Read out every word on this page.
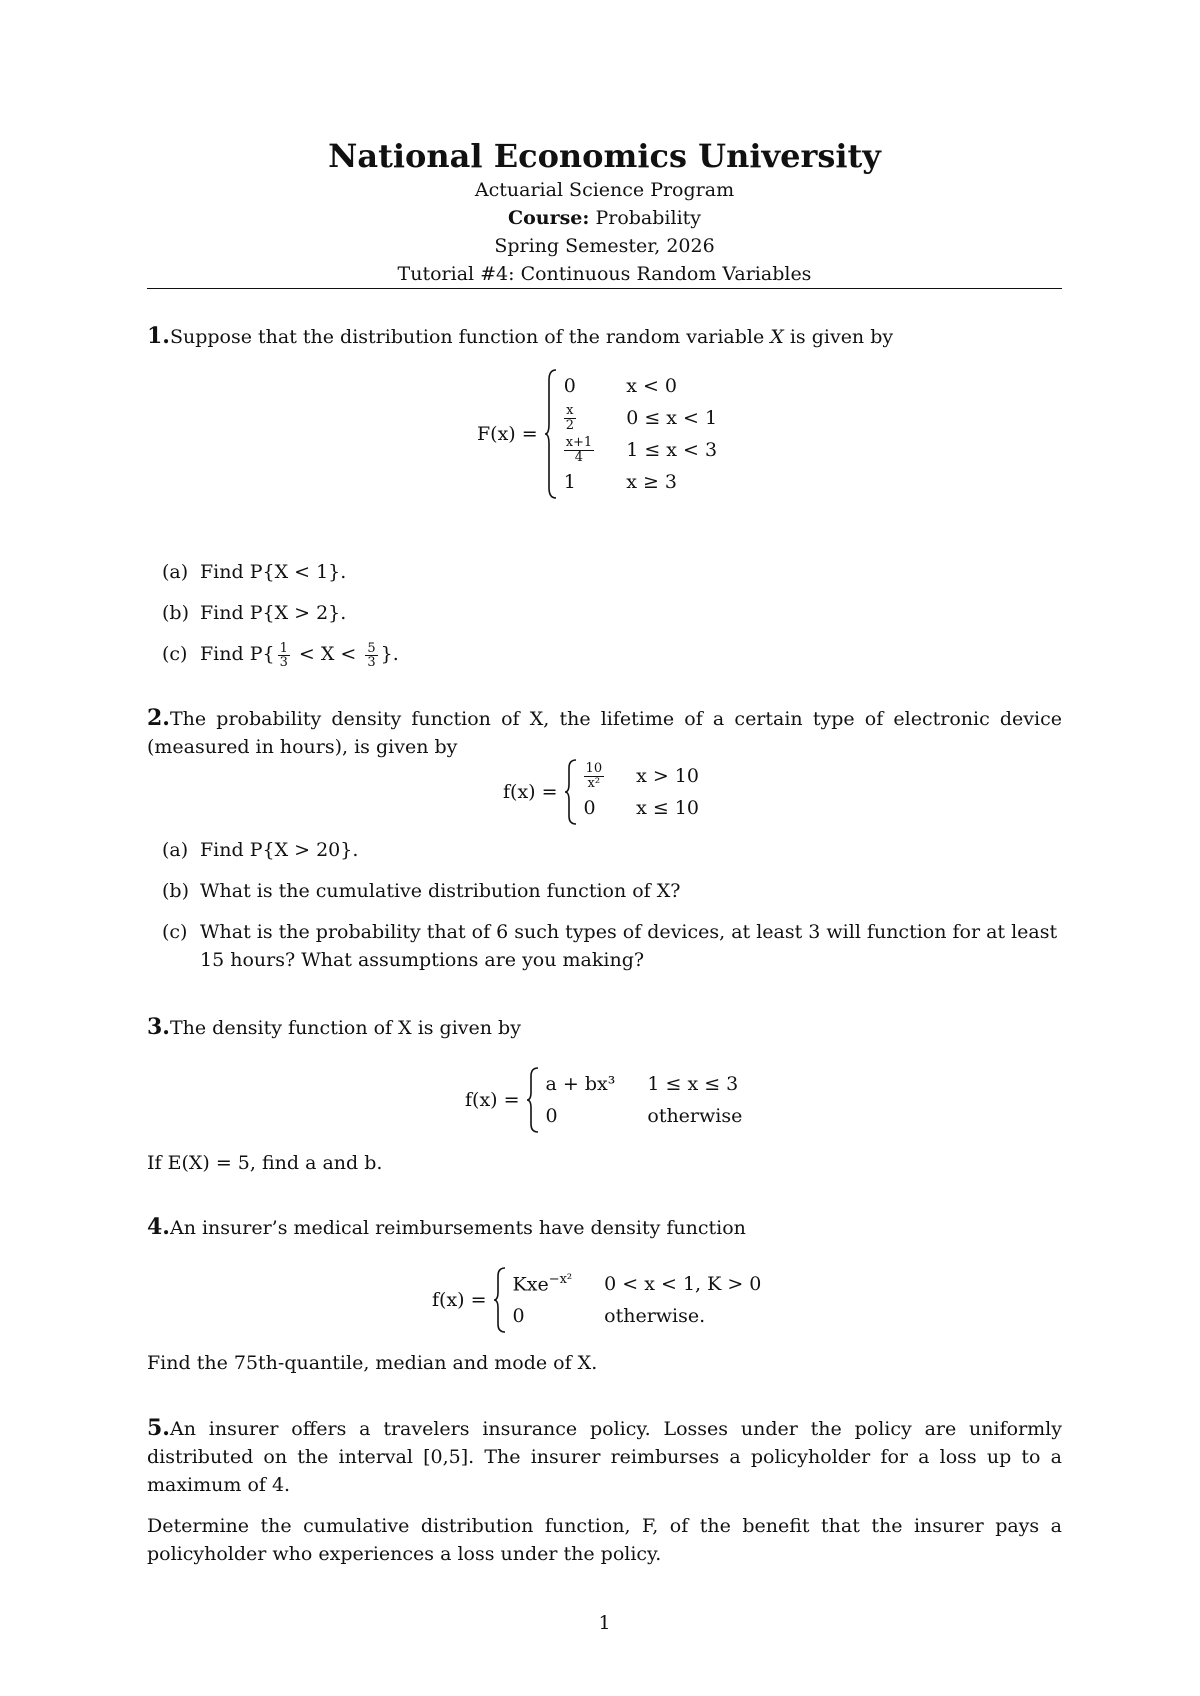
National Economics University
Actuarial Science Program
Course: Probability
Spring Semester, 2026
Tutorial #4: Continuous Random Variables
1.Suppose that the distribution function of the random variable X is given by
F(x) =
0	x < 0

$\frac{x}{2}$	0 ≤ x < 1

$\frac{x+1}{4}$	1 ≤ x < 3
1	x ≥ 3
(a) Find P{X < 1}.
(b) Find P{X > 2}.
(c) Find $P\{ \frac{1}{3} < X < \frac{5}{3}$ }.
2.The probability density function of X, the lifetime of a certain type of electronic device (measured in hours), is given by
f(x) =
$\frac{10}{\text{x²}}$	x > 10
0	x ≤ 10
(a) Find P{X > 20}.
(b) What is the cumulative distribution function of X?
(c) What is the probability that of 6 such types of devices, at least 3 will function for at least 15 hours? What assumptions are you making?
3.The density function of X is given by
f(x) =
a + bx³	1 ≤ x ≤ 3
0	otherwise
If E(X) = 5, find a and b.
4.An insurer’s medical reimbursements have density function
f(x) =
Kxe$^{-x^2}$	0 < x < 1, K > 0
0	otherwise.
Find the 75th-quantile, median and mode of X.
5.An insurer offers a travelers insurance policy. Losses under the policy are uniformly distributed on the interval [0,5]. The insurer reimburses a policyholder for a loss up to a maximum of 4.
Determine the cumulative distribution function, F, of the benefit that the insurer pays a policyholder who experiences a loss under the policy.
1
